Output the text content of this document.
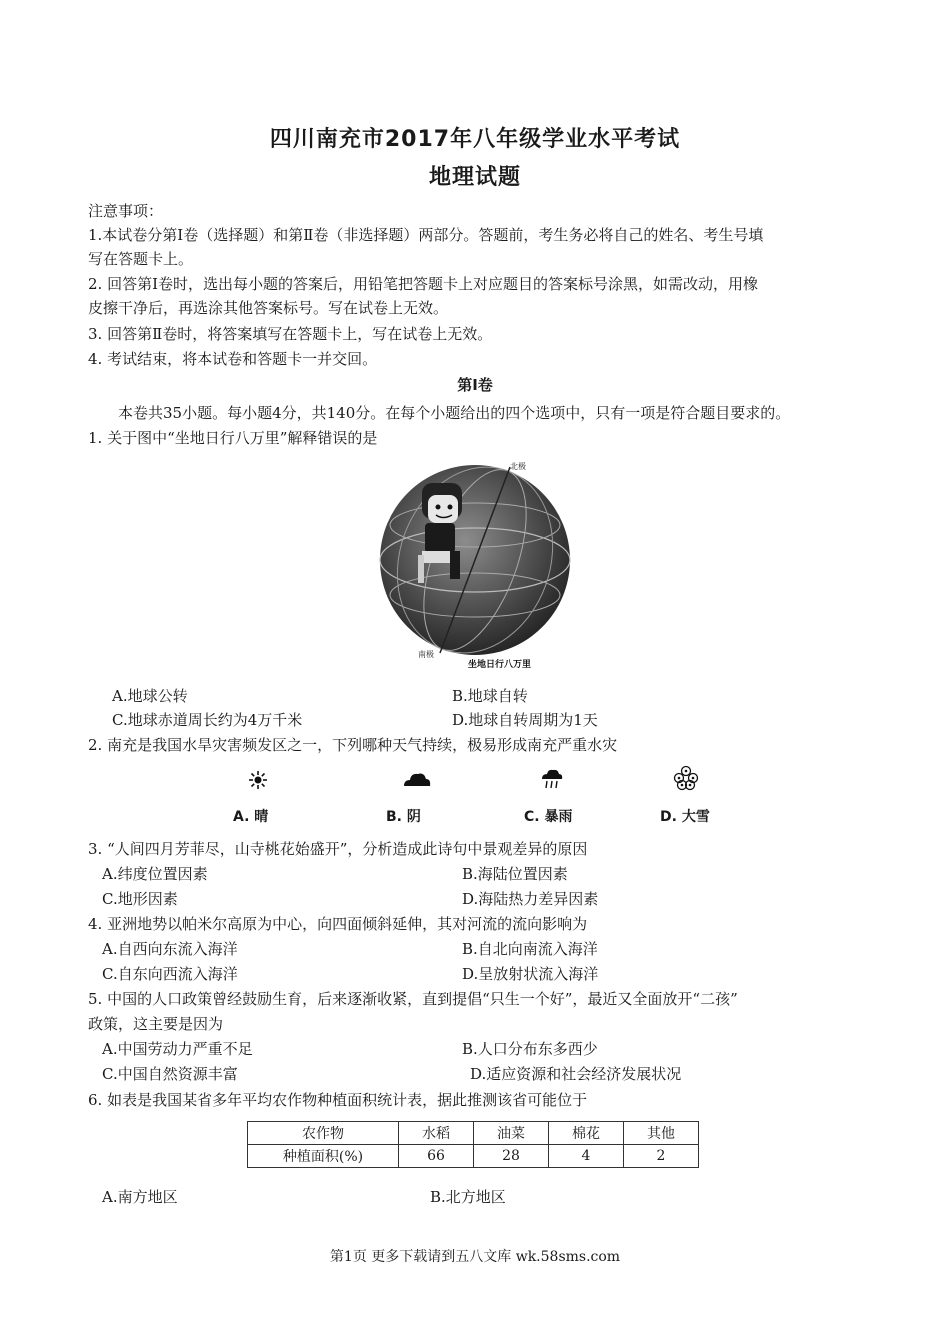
四川南充市2017年八年级学业水平考试
地理试题
注意事项：
1.本试卷分第Ⅰ卷（选择题）和第Ⅱ卷（非选择题）两部分。答题前，考生务必将自己的姓名、考生号填
写在答题卡上。
2. 回答第Ⅰ卷时，选出每小题的答案后，用铅笔把答题卡上对应题目的答案标号涂黑，如需改动，用橡
皮擦干净后，再选涂其他答案标号。写在试卷上无效。
3. 回答第Ⅱ卷时，将答案填写在答题卡上，写在试卷上无效。
4. 考试结束，将本试卷和答题卡一并交回。
第Ⅰ卷
本卷共35小题。每小题4分，共140分。在每个小题给出的四个选项中，只有一项是符合题目要求的。
1. 关于图中“坐地日行八万里”解释错误的是
北极
南极
坐地日行八万里
A.地球公转	B.地球自转
C.地球赤道周长约为4万千米	D.地球自转周期为1天
2. 南充是我国水旱灾害频发区之一，下列哪种天气持续，极易形成南充严重水灾
A. 晴	B. 阴	C. 暴雨	D. 大雪
3. “人间四月芳菲尽，山寺桃花始盛开”，分析造成此诗句中景观差异的原因
A.纬度位置因素	B.海陆位置因素
C.地形因素	D.海陆热力差异因素
4. 亚洲地势以帕米尔高原为中心，向四面倾斜延伸，其对河流的流向影响为
A.自西向东流入海洋	B.自北向南流入海洋
C.自东向西流入海洋	D.呈放射状流入海洋
5. 中国的人口政策曾经鼓励生育，后来逐渐收紧，直到提倡“只生一个好”，最近又全面放开“二孩”
政策，这主要是因为
A.中国劳动力严重不足	B.人口分布东多西少
C.中国自然资源丰富	D.适应资源和社会经济发展状况
6. 如表是我国某省多年平均农作物种植面积统计表，据此推测该省可能位于
农作物	水稻	油菜	棉花	其他
种植面积(%)	66	28	4	2
A.南方地区	B.北方地区
第1页 更多下载请到五八文库 wk.58sms.com
